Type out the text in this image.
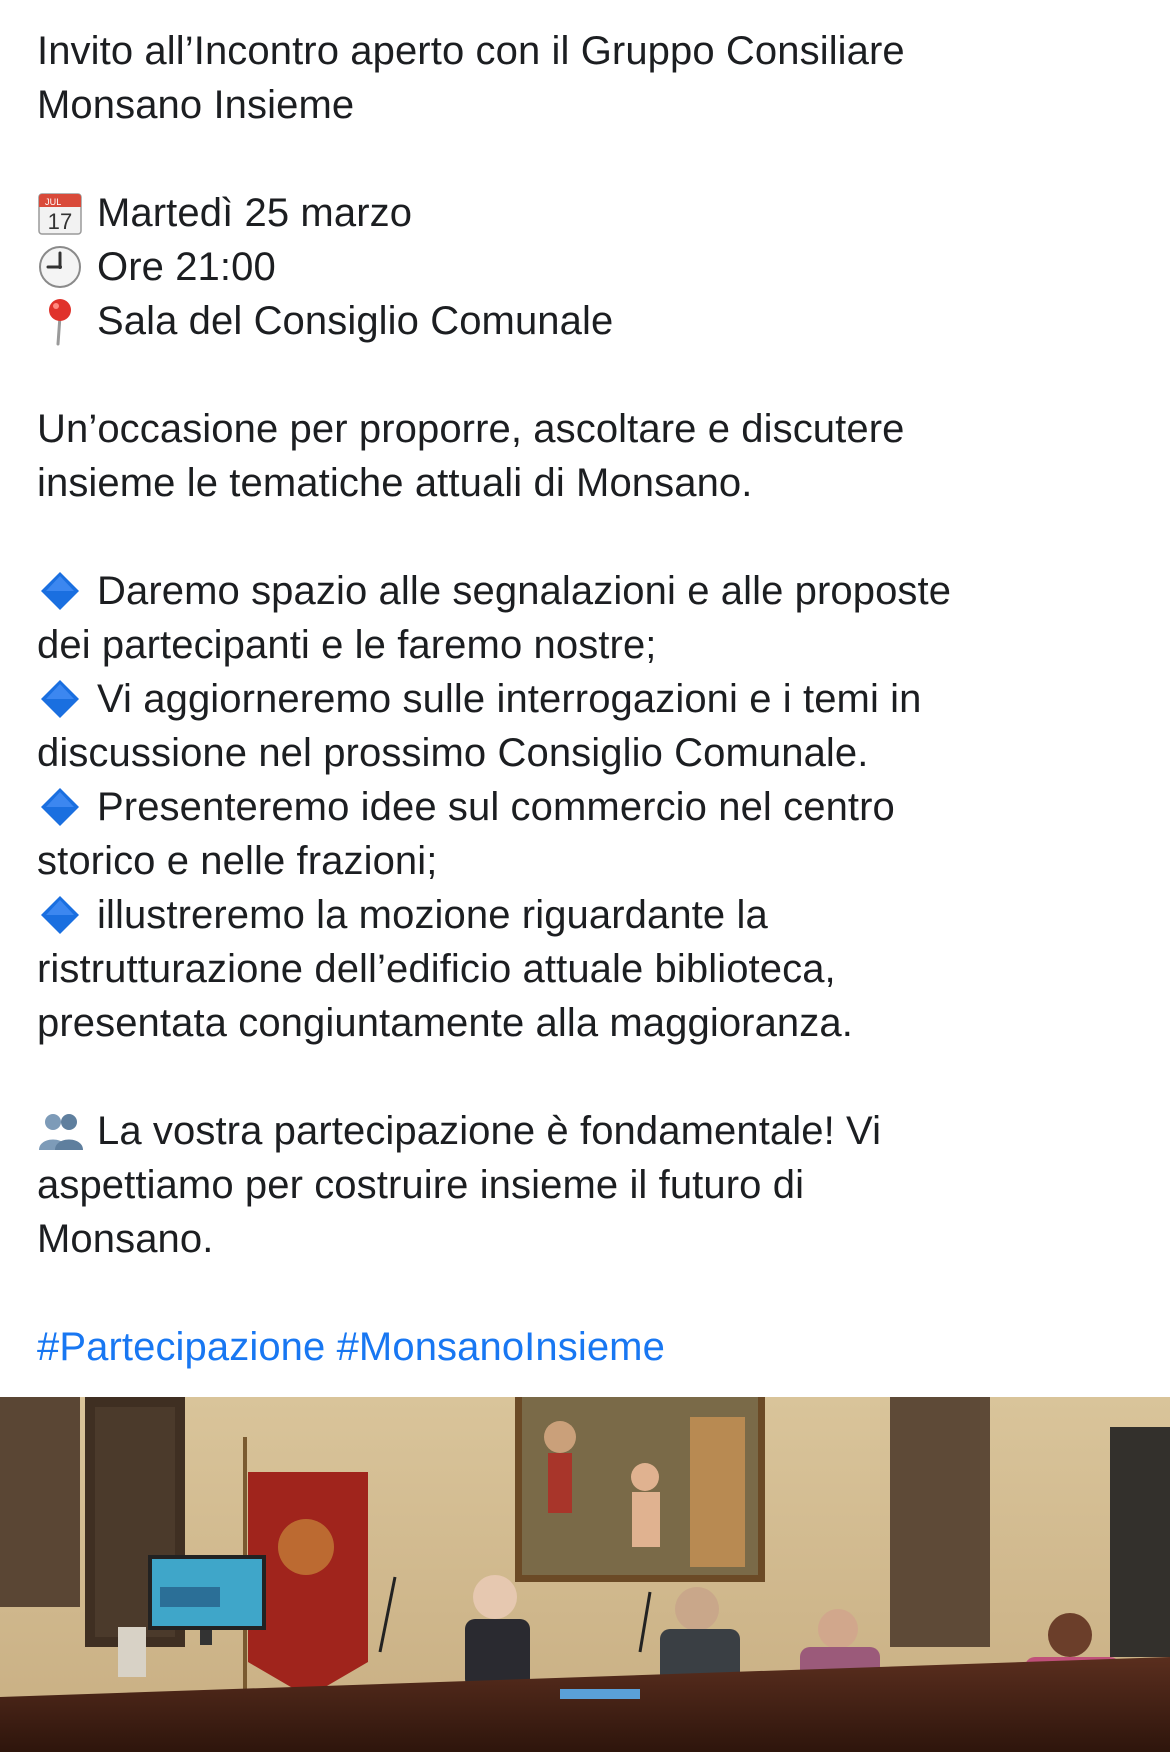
Invito all’Incontro aperto con il Gruppo Consiliare
Monsano Insieme
JUL
17 Martedì 25 marzo
Ore 21:00
Sala del Consiglio Comunale
Un’occasione per proporre, ascoltare e discutere
insieme le tematiche attuali di Monsano.
Daremo spazio alle segnalazioni e alle proposte
dei partecipanti e le faremo nostre;
Vi aggiorneremo sulle interrogazioni e i temi in
discussione nel prossimo Consiglio Comunale.
Presenteremo idee sul commercio nel centro
storico e nelle frazioni;
illustreremo la mozione riguardante la
ristrutturazione dell’edificio attuale biblioteca,
presentata congiuntamente alla maggioranza.
La vostra partecipazione è fondamentale! Vi
aspettiamo per costruire insieme il futuro di
Monsano.
#Partecipazione #MonsanoInsieme
